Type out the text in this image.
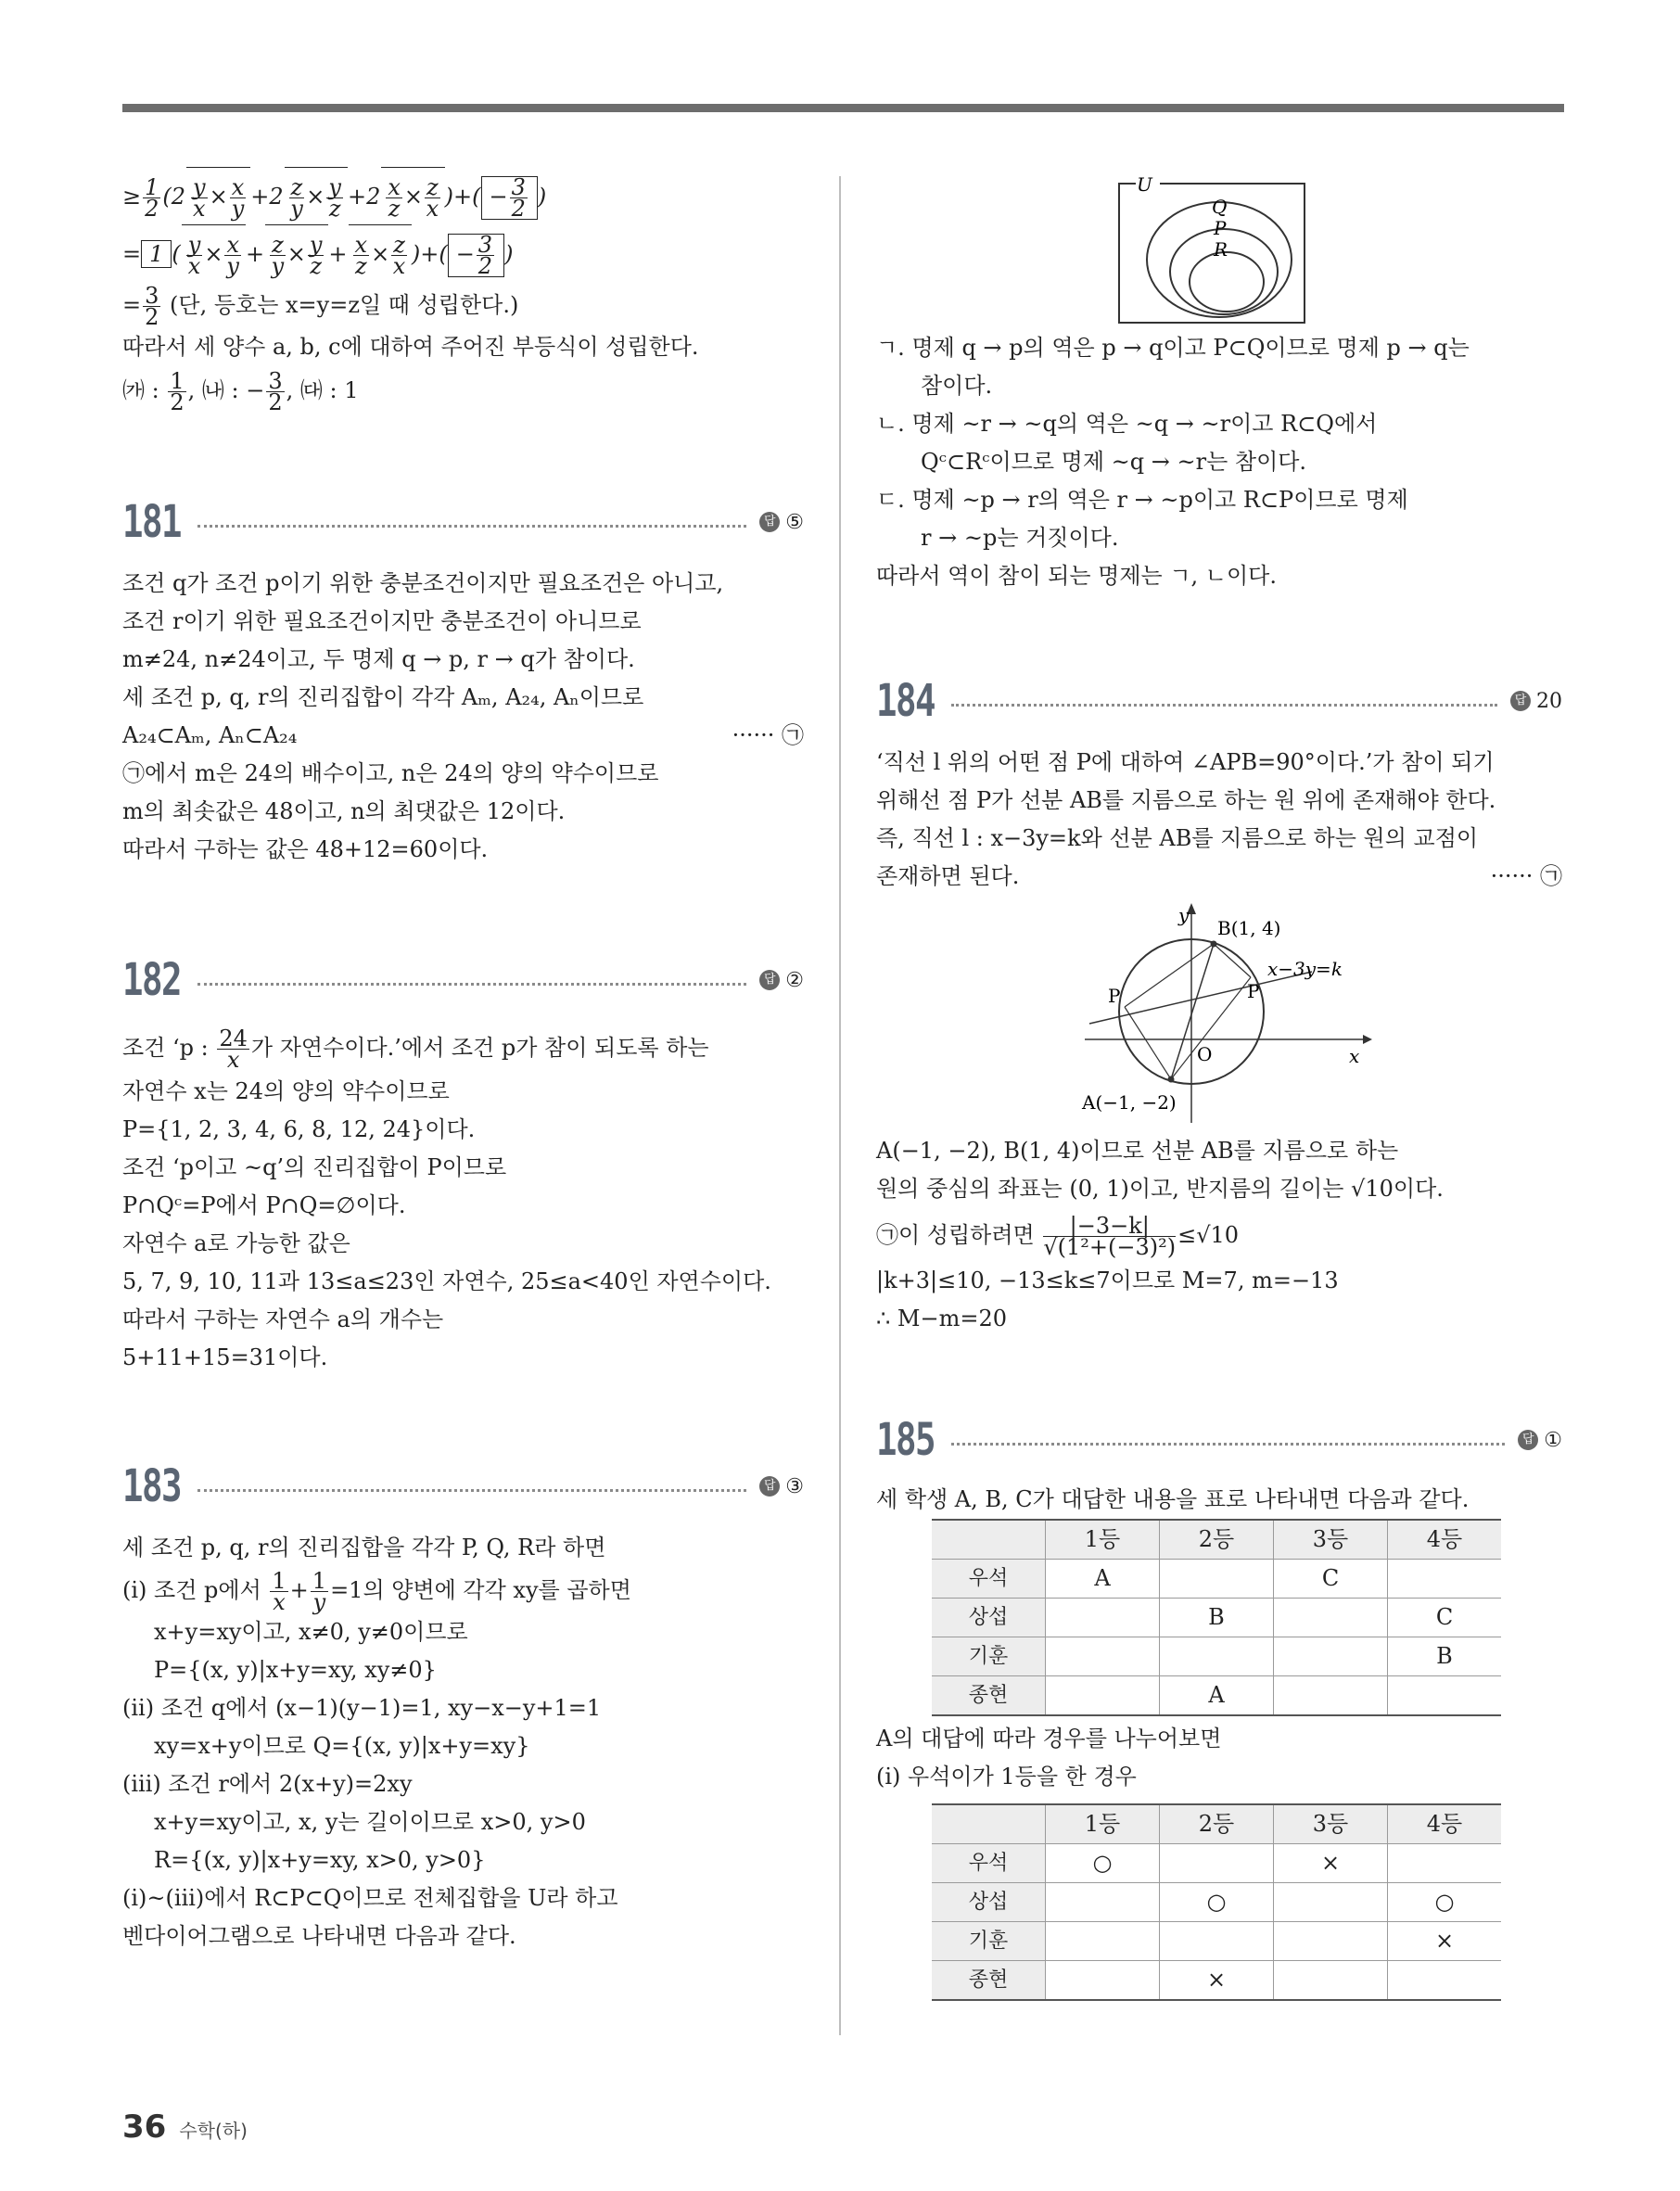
≥ $\frac{1}{2} (2 \frac{y}{x} \times \frac{x}{y} +2 \frac{z}{y} \times \frac{y}{z} +2 \frac{x}{z} \times \frac{z}{x}$ )+( − $\frac{3}{2}$ )
= 1 ( $\frac{y}{x} \times \frac{x}{y} + \frac{z}{y} \times \frac{y}{z} + \frac{x}{z} \times \frac{z}{x}$ )+( − $\frac{3}{2}$ )
= $\frac{3}{2}$ (단, 등호는 x=y=z일 때 성립한다.)
따라서 세 양수 a, b, c에 대하여 주어진 부등식이 성립한다.
㈎ : $\frac{1}{2}$ , ㈏ : − $\frac{3}{2}$ , ㈐ : 1
181	답 ⑤
조건 q가 조건 p이기 위한 충분조건이지만 필요조건은 아니고,
조건 r이기 위한 필요조건이지만 충분조건이 아니므로
m≠24, n≠24이고, 두 명제 q → p, r → q가 참이다.
세 조건 p, q, r의 진리집합이 각각 Aₘ, A₂₄, Aₙ이므로
A₂₄⊂Aₘ, Aₙ⊂A₂₄	······ ㉠
㉠에서 m은 24의 배수이고, n은 24의 양의 약수이므로
m의 최솟값은 48이고, n의 최댓값은 12이다.
따라서 구하는 값은 48+12=60이다.
182	답 ②
조건 ‘p : $\frac{24}{x}$ 가 자연수이다.’에서 조건 p가 참이 되도록 하는
자연수 x는 24의 양의 약수이므로
P={1, 2, 3, 4, 6, 8, 12, 24}이다.
조건 ‘p이고 ~q’의 진리집합이 P이므로
P∩Qᶜ=P에서 P∩Q=∅이다.
자연수 a로 가능한 값은
5, 7, 9, 10, 11과 13≤a≤23인 자연수, 25≤a<40인 자연수이다.
따라서 구하는 자연수 a의 개수는
5+11+15=31이다.
183	답 ③
세 조건 p, q, r의 진리집합을 각각 P, Q, R라 하면
(ⅰ) 조건 p에서 $\frac{1}{x} + \frac{1}{y} =1$의 양변에 각각 xy를 곱하면
x+y=xy이고, x≠0, y≠0이므로
P={(x, y)|x+y=xy, xy≠0}
(ⅱ) 조건 q에서 (x−1)(y−1)=1, xy−x−y+1=1
xy=x+y이므로 Q={(x, y)|x+y=xy}
(ⅲ) 조건 r에서 2(x+y)=2xy
x+y=xy이고, x, y는 길이이므로 x>0, y>0
R={(x, y)|x+y=xy, x>0, y>0}
(ⅰ)~(ⅲ)에서 R⊂P⊂Q이므로 전체집합을 U라 하고
벤다이어그램으로 나타내면 다음과 같다.
U
Q
P
R
ㄱ. 명제 q → p의 역은 p → q이고 P⊂Q이므로 명제 p → q는
참이다.
ㄴ. 명제 ~r → ~q의 역은 ~q → ~r이고 R⊂Q에서
Qᶜ⊂Rᶜ이므로 명제 ~q → ~r는 참이다.
ㄷ. 명제 ~p → r의 역은 r → ~p이고 R⊂P이므로 명제
r → ~p는 거짓이다.
따라서 역이 참이 되는 명제는 ㄱ, ㄴ이다.
184	답 20
‘직선 l 위의 어떤 점 P에 대하여 ∠APB=90°이다.’가 참이 되기
위해선 점 P가 선분 AB를 지름으로 하는 원 위에 존재해야 한다.
즉, 직선 l : x−3y=k와 선분 AB를 지름으로 하는 원의 교점이
존재하면 된다.	······ ㉠
y
x
O
B(1, 4)
A(−1, −2)
P	P
x−3y=k
A(−1, −2), B(1, 4)이므로 선분 AB를 지름으로 하는
원의 중심의 좌표는 (0, 1)이고, 반지름의 길이는 √10이다.
㉠이 성립하려면 $\frac{|-3-k|}{\text{√(1²+(−3)²)}} \le√10$
|k+3|≤10, −13≤k≤7이므로 M=7, m=−13
∴ M−m=20
185	답 ①
세 학생 A, B, C가 대답한 내용을 표로 나타내면 다음과 같다.
	1등	2등	3등	4등
우석	A		C	
상섭		B		C
기훈				B
종현		A		
A의 대답에 따라 경우를 나누어보면
(ⅰ) 우석이가 1등을 한 경우
	1등	2등	3등	4등
우석	○		×	
상섭		○		○
기훈				×
종현		×		
36 수학(하)
